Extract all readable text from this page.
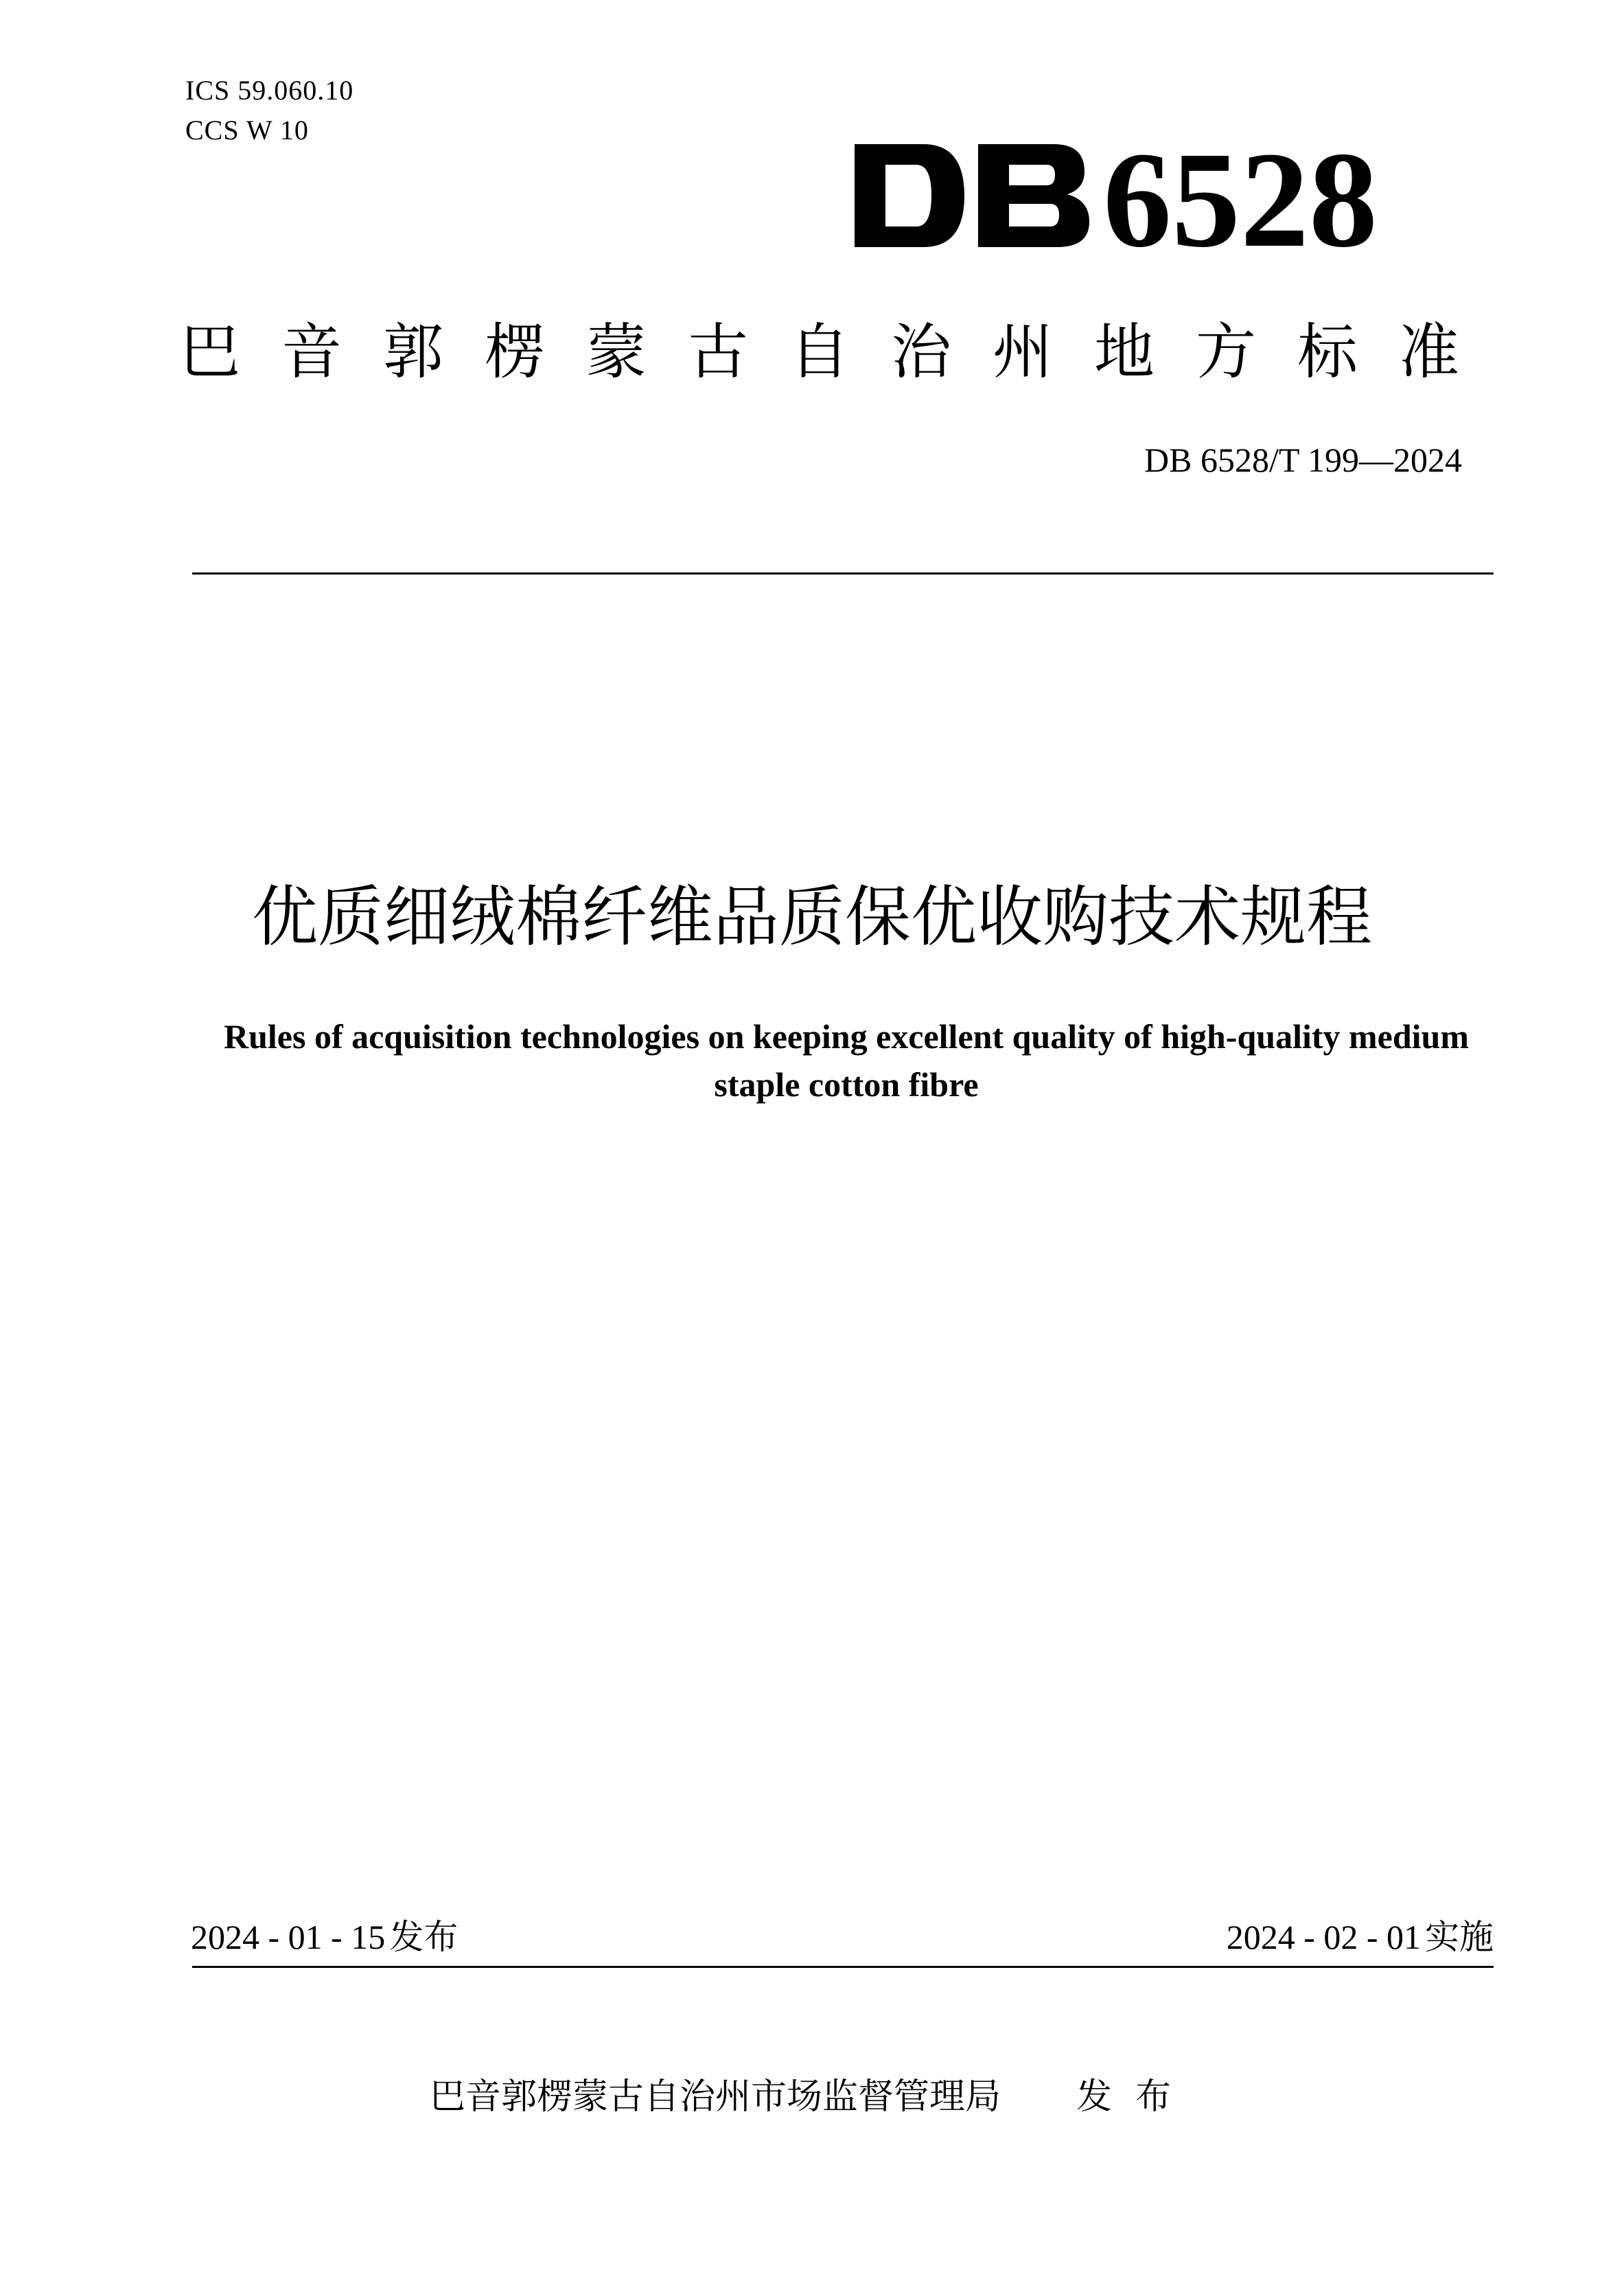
ICS 59.060.10
CCS W 10	6528
巴音郭楞蒙古自治州地方标准
DB 6528/T 199—2024
优质细绒棉纤维品质保优收购技术规程
Rules of acquisition technologies on keeping excellent quality of high-quality medium staple cotton fibre
2024 - 01 - 15 发布	2024 - 02 - 01 实施
巴音郭楞蒙古自治州市场监督管理局 发布
